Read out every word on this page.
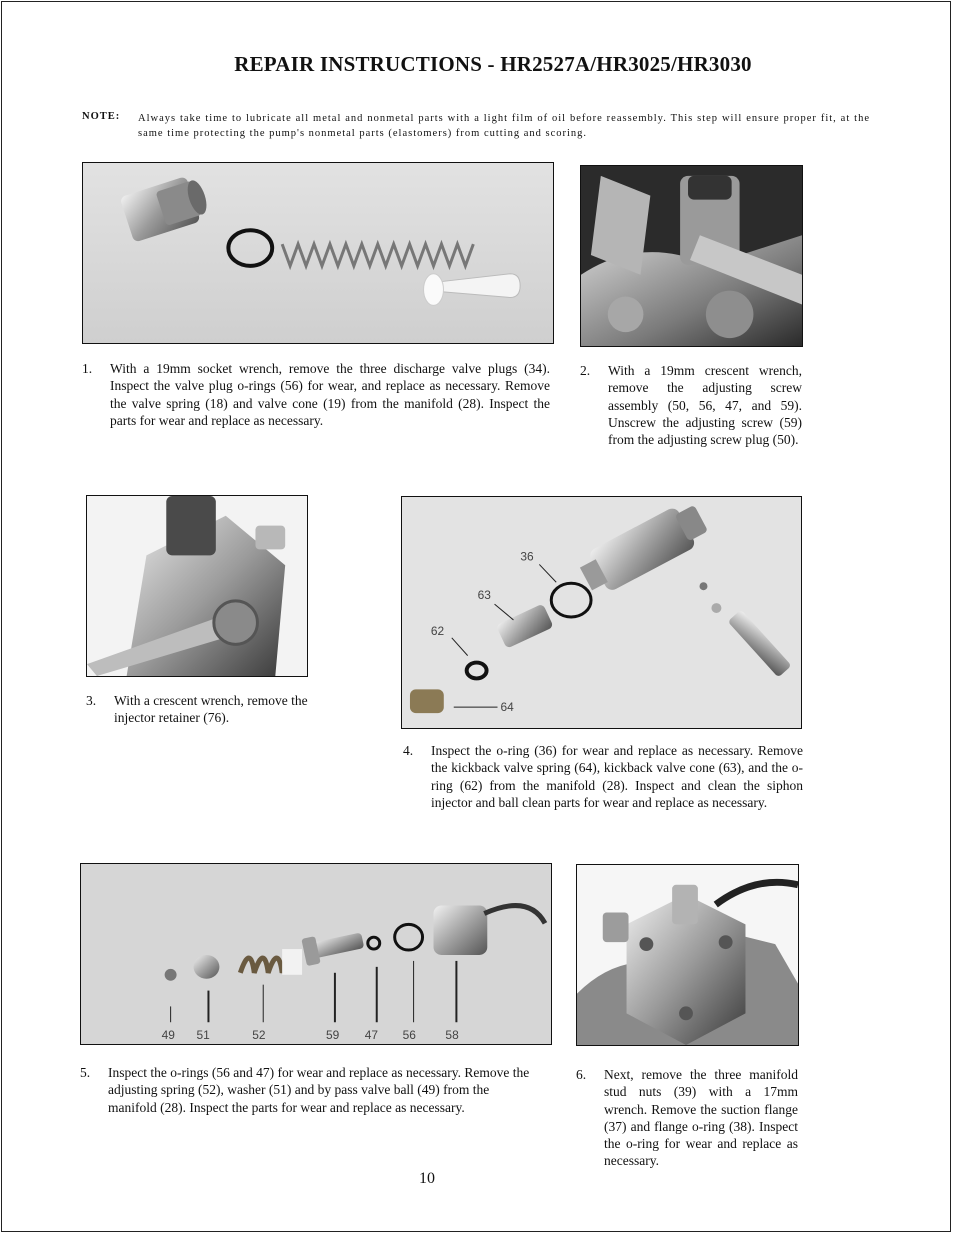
REPAIR INSTRUCTIONS - HR2527A/HR3025/HR3030
NOTE: Always take time to lubricate all metal and nonmetal parts with a light film of oil before reassembly. This step will ensure proper fit, at the same time protecting the pump's nonmetal parts (elastomers) from cutting and scoring.
1. With a 19mm socket wrench, remove the three discharge valve plugs (34). Inspect the valve plug o-rings (56) for wear, and replace as necessary. Remove the valve spring (18) and valve cone (19) from the manifold (28). Inspect the parts for wear and replace as necessary.
2. With a 19mm crescent wrench, remove the adjusting screw assembly (50, 56, 47, and 59). Unscrew the adjusting screw (59) from the adjusting screw plug (50).
3. With a crescent wrench, remove the injector retainer (76).
36
63
62
64
4. Inspect the o-ring (36) for wear and replace as necessary. Remove the kickback valve spring (64), kickback valve cone (63), and the o-ring (62) from the manifold (28). Inspect and clean the siphon injector and ball clean parts for wear and replace as necessary.
49 51	52	59 47 56 58
5. Inspect the o-rings (56 and 47) for wear and replace as necessary. Remove the adjusting spring (52), washer (51) and by pass valve ball (49) from the manifold (28). Inspect the parts for wear and replace as necessary.
6. Next, remove the three manifold stud nuts (39) with a 17mm wrench. Remove the suction flange (37) and flange o-ring (38). Inspect the o-ring for wear and replace as necessary.
10
